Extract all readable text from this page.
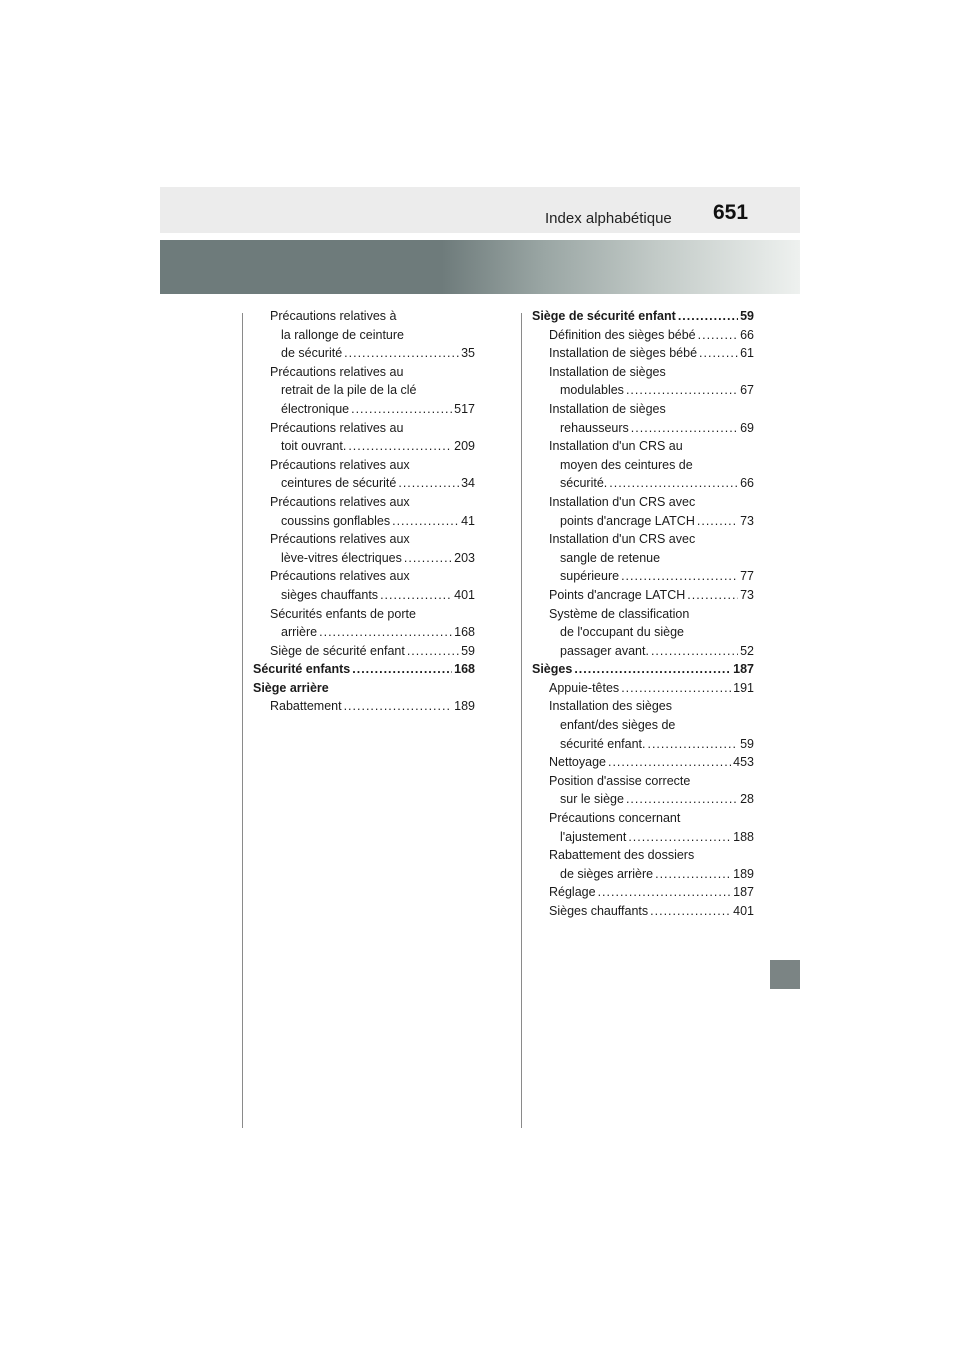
Index alphabétique 651
Précautions relatives à
la rallonge de ceinture
de sécurité .....	35
Précautions relatives au
retrait de la pile de la clé
électronique .....	517
Précautions relatives au
toit ouvrant. .....	209
Précautions relatives aux
ceintures de sécurité .....	34
Précautions relatives aux
coussins gonflables .....	41
Précautions relatives aux
lève-vitres électriques .....	203
Précautions relatives aux
sièges chauffants .....	401
Sécurités enfants de porte
arrière .....	168
Siège de sécurité enfant .....	59
Sécurité enfants .....	168
Siège arrière
Rabattement .....	189
Siège de sécurité enfant .....	59
Définition des sièges bébé .....	66
Installation de sièges bébé .....	61
Installation de sièges
modulables .....	67
Installation de sièges
rehausseurs .....	69
Installation d'un CRS au
moyen des ceintures de
sécurité. .....	66
Installation d'un CRS avec
points d'ancrage LATCH .....	73
Installation d'un CRS avec
sangle de retenue
supérieure .....	77
Points d'ancrage LATCH .....	73
Système de classification
de l'occupant du siège
passager avant. .....	52
Sièges .....	187
Appuie-têtes .....	191
Installation des sièges
enfant/des sièges de
sécurité enfant. .....	59
Nettoyage .....	453
Position d'assise correcte
sur le siège .....	28
Précautions concernant
l'ajustement .....	188
Rabattement des dossiers
de sièges arrière .....	189
Réglage .....	187
Sièges chauffants .....	401
